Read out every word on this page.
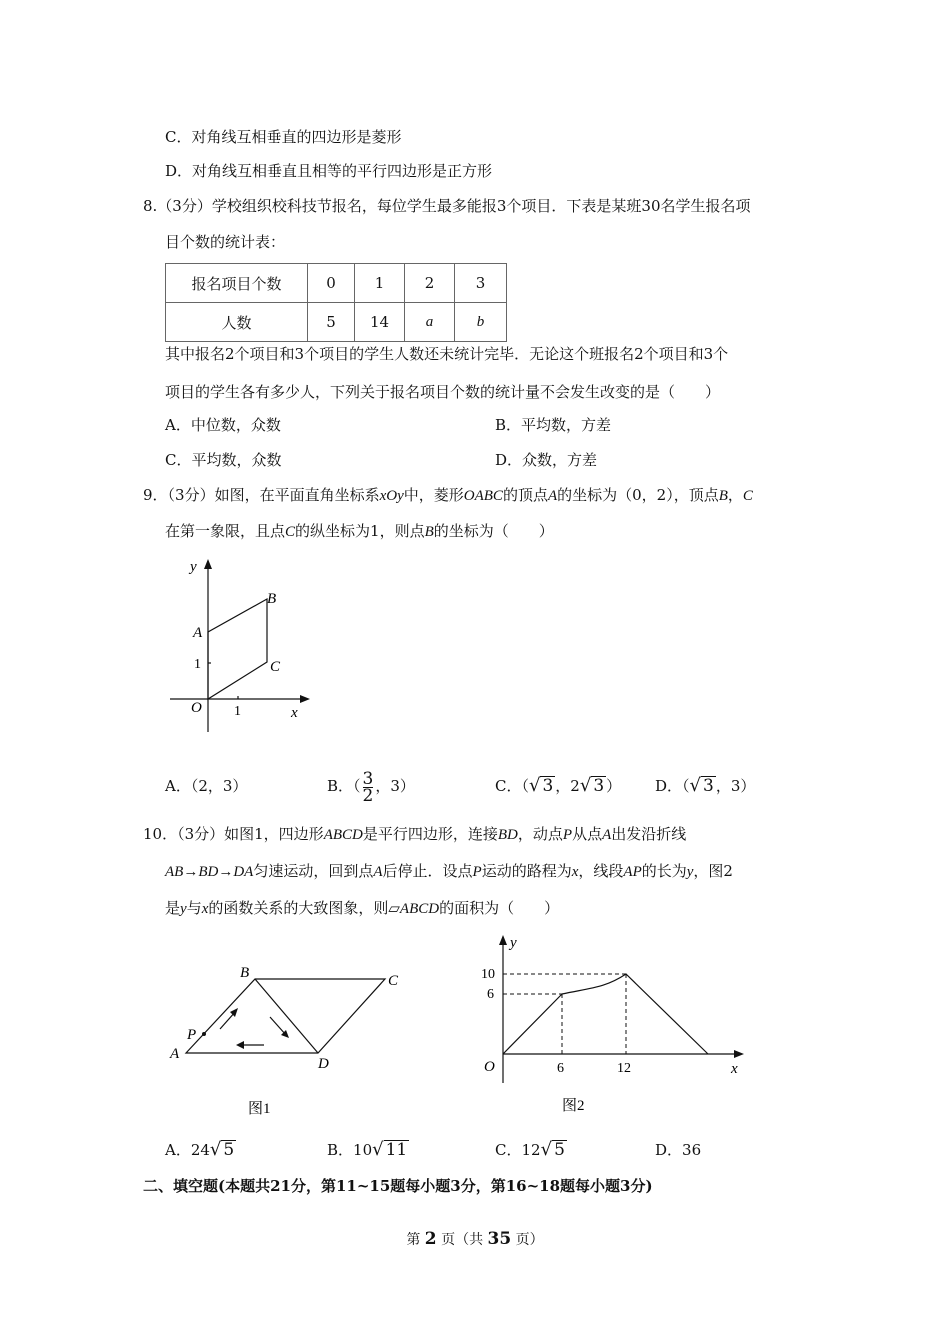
C．对角线互相垂直的四边形是菱形
D．对角线互相垂直且相等的平行四边形是正方形
8.（3分）学校组织校科技节报名，每位学生最多能报3个项目．下表是某班30名学生报名项
目个数的统计表：
报名项目个数	0	1	2	3
人数	5	14	a	b
其中报名2个项目和3个项目的学生人数还未统计完毕．无论这个班报名2个项目和3个
项目的学生各有多少人，下列关于报名项目个数的统计量不会发生改变的是（　　）
A．中位数，众数	B．平均数，方差
C．平均数，众数	D．众数，方差
9．（3分）如图，在平面直角坐标系xOy中，菱形OABC的顶点A的坐标为（0，2），顶点B，C
在第一象限，且点C的纵坐标为1，则点B的坐标为（　　）
y
x
O
A
B
C
1
1
A．（2，3）	B．（ $\frac{3}{2}$ ，3）	C．（√ 3 ，2√ 3 ） D．（√ 3 ，3）
10．（3分）如图1，四边形ABCD是平行四边形，连接BD，动点P从点A出发沿折线
AB→BD→DA匀速运动，回到点A后停止．设点P运动的路程为x，线段AP的长为y，图2
是y与x的函数关系的大致图象，则▱ABCD的面积为（　　）
A
B	C
D
P
图1
y
x
O
10
6
6	12
图2
A．24√ 5	B．10√ 11	C．12√ 5	D．36
二、填空题(本题共21分，第11~15题每小题3分，第16~18题每小题3分)
第 2 页（共 35 页）
